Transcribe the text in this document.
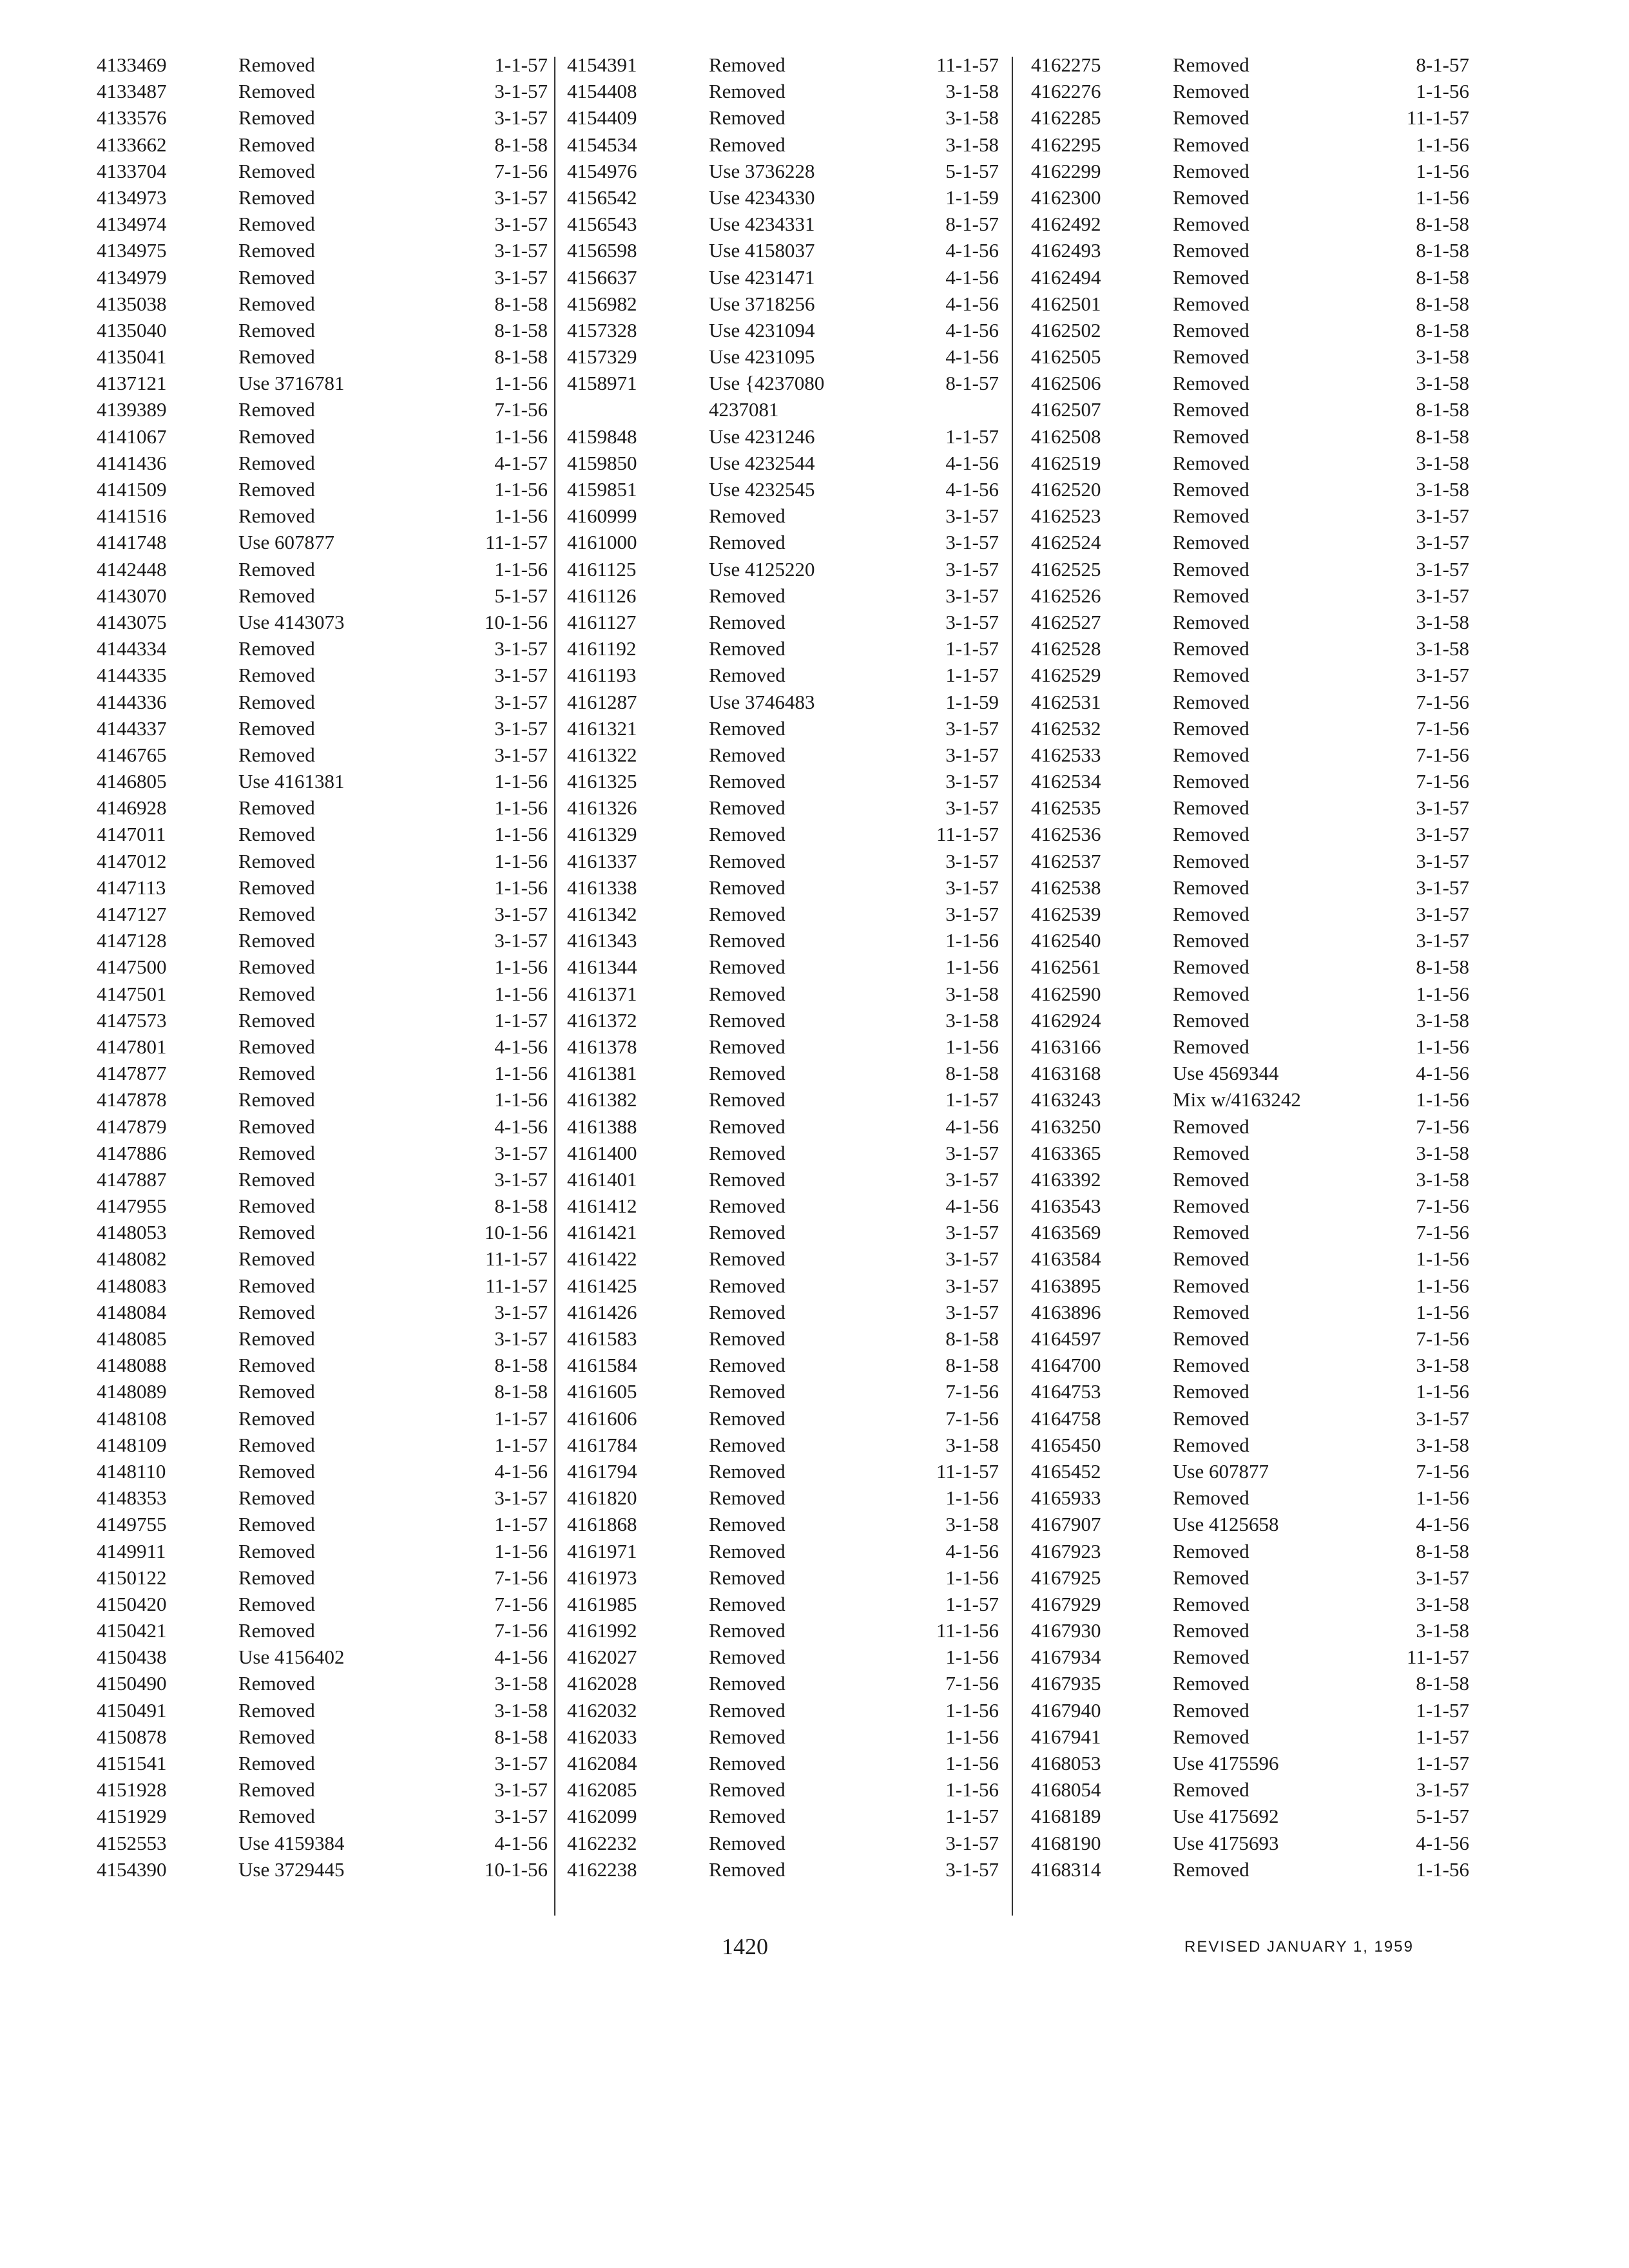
4133469	Removed	1-1-57
4133487	Removed	3-1-57
4133576	Removed	3-1-57
4133662	Removed	8-1-58
4133704	Removed	7-1-56
4134973	Removed	3-1-57
4134974	Removed	3-1-57
4134975	Removed	3-1-57
4134979	Removed	3-1-57
4135038	Removed	8-1-58
4135040	Removed	8-1-58
4135041	Removed	8-1-58
4137121	Use 3716781	1-1-56
4139389	Removed	7-1-56
4141067	Removed	1-1-56
4141436	Removed	4-1-57
4141509	Removed	1-1-56
4141516	Removed	1-1-56
4141748	Use 607877	11-1-57
4142448	Removed	1-1-56
4143070	Removed	5-1-57
4143075	Use 4143073	10-1-56
4144334	Removed	3-1-57
4144335	Removed	3-1-57
4144336	Removed	3-1-57
4144337	Removed	3-1-57
4146765	Removed	3-1-57
4146805	Use 4161381	1-1-56
4146928	Removed	1-1-56
4147011	Removed	1-1-56
4147012	Removed	1-1-56
4147113	Removed	1-1-56
4147127	Removed	3-1-57
4147128	Removed	3-1-57
4147500	Removed	1-1-56
4147501	Removed	1-1-56
4147573	Removed	1-1-57
4147801	Removed	4-1-56
4147877	Removed	1-1-56
4147878	Removed	1-1-56
4147879	Removed	4-1-56
4147886	Removed	3-1-57
4147887	Removed	3-1-57
4147955	Removed	8-1-58
4148053	Removed	10-1-56
4148082	Removed	11-1-57
4148083	Removed	11-1-57
4148084	Removed	3-1-57
4148085	Removed	3-1-57
4148088	Removed	8-1-58
4148089	Removed	8-1-58
4148108	Removed	1-1-57
4148109	Removed	1-1-57
4148110	Removed	4-1-56
4148353	Removed	3-1-57
4149755	Removed	1-1-57
4149911	Removed	1-1-56
4150122	Removed	7-1-56
4150420	Removed	7-1-56
4150421	Removed	7-1-56
4150438	Use 4156402	4-1-56
4150490	Removed	3-1-58
4150491	Removed	3-1-58
4150878	Removed	8-1-58
4151541	Removed	3-1-57
4151928	Removed	3-1-57
4151929	Removed	3-1-57
4152553	Use 4159384	4-1-56
4154390	Use 3729445	10-1-56
4154391	Removed	11-1-57
4154408	Removed	3-1-58
4154409	Removed	3-1-58
4154534	Removed	3-1-58
4154976	Use 3736228	5-1-57
4156542	Use 4234330	1-1-59
4156543	Use 4234331	8-1-57
4156598	Use 4158037	4-1-56
4156637	Use 4231471	4-1-56
4156982	Use 3718256	4-1-56
4157328	Use 4231094	4-1-56
4157329	Use 4231095	4-1-56
4158971	Use {4237080	8-1-57
4237081
4159848	Use 4231246	1-1-57
4159850	Use 4232544	4-1-56
4159851	Use 4232545	4-1-56
4160999	Removed	3-1-57
4161000	Removed	3-1-57
4161125	Use 4125220	3-1-57
4161126	Removed	3-1-57
4161127	Removed	3-1-57
4161192	Removed	1-1-57
4161193	Removed	1-1-57
4161287	Use 3746483	1-1-59
4161321	Removed	3-1-57
4161322	Removed	3-1-57
4161325	Removed	3-1-57
4161326	Removed	3-1-57
4161329	Removed	11-1-57
4161337	Removed	3-1-57
4161338	Removed	3-1-57
4161342	Removed	3-1-57
4161343	Removed	1-1-56
4161344	Removed	1-1-56
4161371	Removed	3-1-58
4161372	Removed	3-1-58
4161378	Removed	1-1-56
4161381	Removed	8-1-58
4161382	Removed	1-1-57
4161388	Removed	4-1-56
4161400	Removed	3-1-57
4161401	Removed	3-1-57
4161412	Removed	4-1-56
4161421	Removed	3-1-57
4161422	Removed	3-1-57
4161425	Removed	3-1-57
4161426	Removed	3-1-57
4161583	Removed	8-1-58
4161584	Removed	8-1-58
4161605	Removed	7-1-56
4161606	Removed	7-1-56
4161784	Removed	3-1-58
4161794	Removed	11-1-57
4161820	Removed	1-1-56
4161868	Removed	3-1-58
4161971	Removed	4-1-56
4161973	Removed	1-1-56
4161985	Removed	1-1-57
4161992	Removed	11-1-56
4162027	Removed	1-1-56
4162028	Removed	7-1-56
4162032	Removed	1-1-56
4162033	Removed	1-1-56
4162084	Removed	1-1-56
4162085	Removed	1-1-56
4162099	Removed	1-1-57
4162232	Removed	3-1-57
4162238	Removed	3-1-57
4162275	Removed	8-1-57
4162276	Removed	1-1-56
4162285	Removed	11-1-57
4162295	Removed	1-1-56
4162299	Removed	1-1-56
4162300	Removed	1-1-56
4162492	Removed	8-1-58
4162493	Removed	8-1-58
4162494	Removed	8-1-58
4162501	Removed	8-1-58
4162502	Removed	8-1-58
4162505	Removed	3-1-58
4162506	Removed	3-1-58
4162507	Removed	8-1-58
4162508	Removed	8-1-58
4162519	Removed	3-1-58
4162520	Removed	3-1-58
4162523	Removed	3-1-57
4162524	Removed	3-1-57
4162525	Removed	3-1-57
4162526	Removed	3-1-57
4162527	Removed	3-1-58
4162528	Removed	3-1-58
4162529	Removed	3-1-57
4162531	Removed	7-1-56
4162532	Removed	7-1-56
4162533	Removed	7-1-56
4162534	Removed	7-1-56
4162535	Removed	3-1-57
4162536	Removed	3-1-57
4162537	Removed	3-1-57
4162538	Removed	3-1-57
4162539	Removed	3-1-57
4162540	Removed	3-1-57
4162561	Removed	8-1-58
4162590	Removed	1-1-56
4162924	Removed	3-1-58
4163166	Removed	1-1-56
4163168	Use 4569344	4-1-56
4163243	Mix w/4163242	1-1-56
4163250	Removed	7-1-56
4163365	Removed	3-1-58
4163392	Removed	3-1-58
4163543	Removed	7-1-56
4163569	Removed	7-1-56
4163584	Removed	1-1-56
4163895	Removed	1-1-56
4163896	Removed	1-1-56
4164597	Removed	7-1-56
4164700	Removed	3-1-58
4164753	Removed	1-1-56
4164758	Removed	3-1-57
4165450	Removed	3-1-58
4165452	Use 607877	7-1-56
4165933	Removed	1-1-56
4167907	Use 4125658	4-1-56
4167923	Removed	8-1-58
4167925	Removed	3-1-57
4167929	Removed	3-1-58
4167930	Removed	3-1-58
4167934	Removed	11-1-57
4167935	Removed	8-1-58
4167940	Removed	1-1-57
4167941	Removed	1-1-57
4168053	Use 4175596	1-1-57
4168054	Removed	3-1-57
4168189	Use 4175692	5-1-57
4168190	Use 4175693	4-1-56
4168314	Removed	1-1-56
1420	REVISED JANUARY 1, 1959
